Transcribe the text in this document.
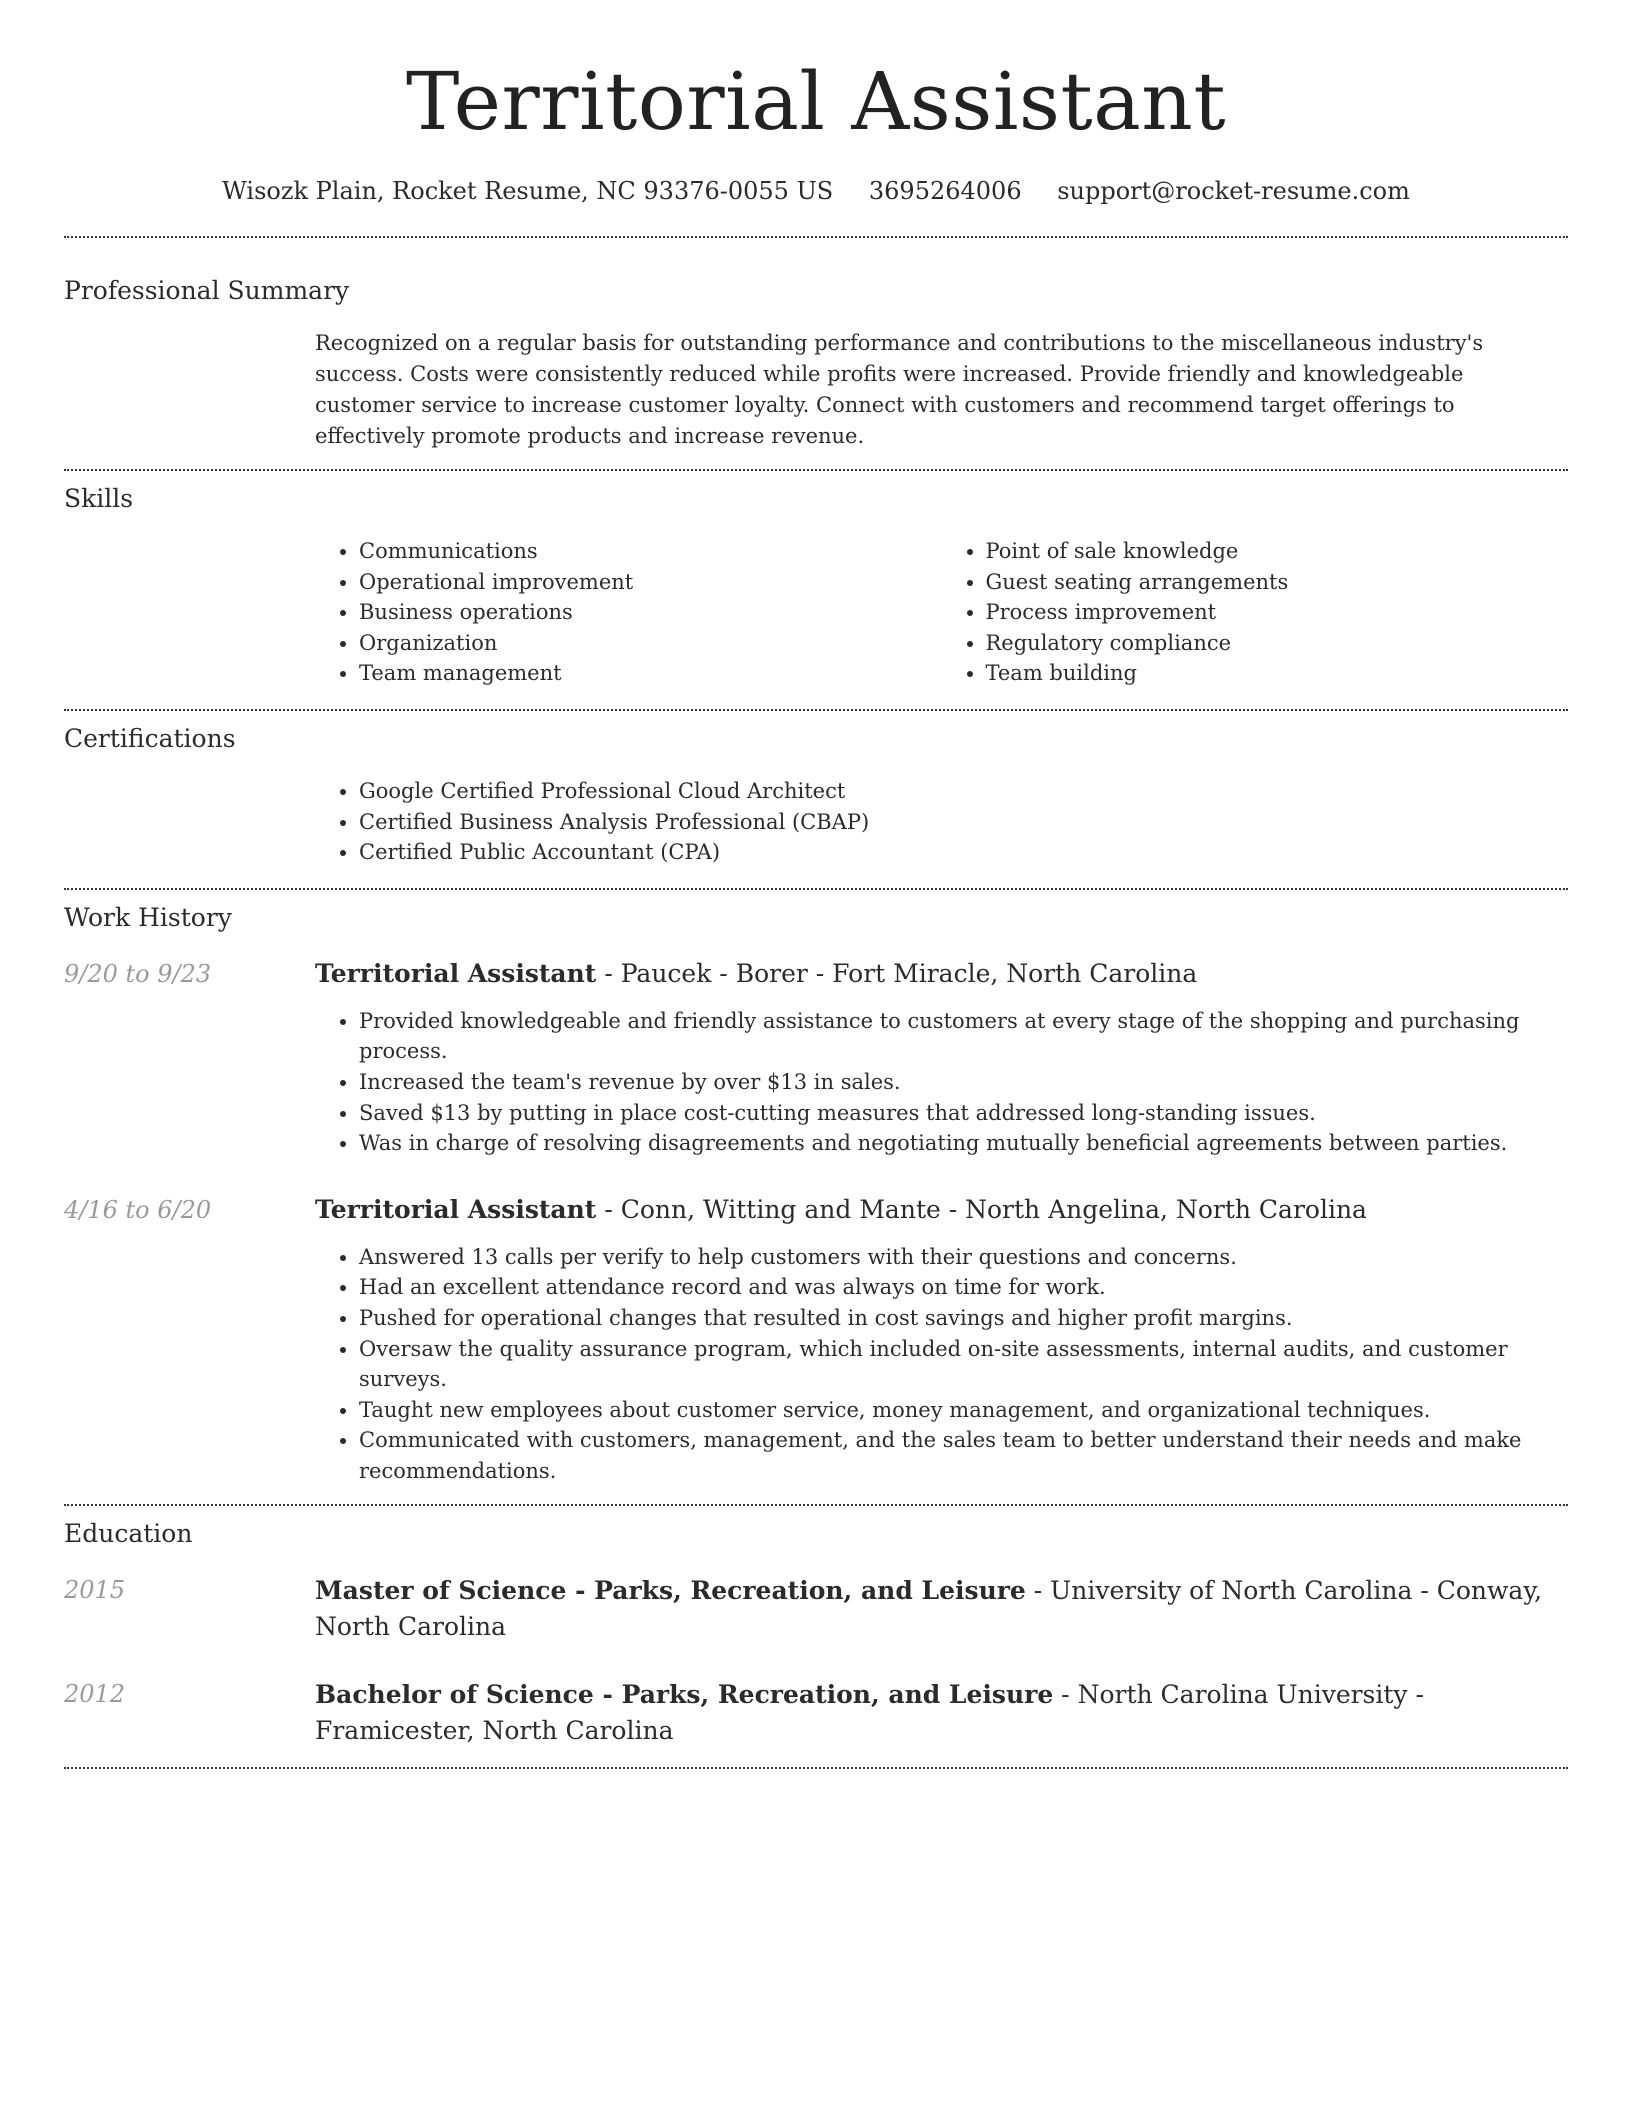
Territorial Assistant
Wisozk Plain, Rocket Resume, NC 93376-0055 US 3695264006 support@rocket-resume.com
Professional Summary

Recognized on a regular basis for outstanding performance and contributions to the miscellaneous industry's success. Costs were consistently reduced while profits were increased. Provide friendly and knowledgeable customer service to increase customer loyalty. Connect with customers and recommend target offerings to effectively promote products and increase revenue.

Skills
• Communications
• Operational improvement
• Business operations
• Organization
• Team management
• Point of sale knowledge
• Guest seating arrangements
• Process improvement
• Regulatory compliance
• Team building
Certifications
• Google Certified Professional Cloud Architect
• Certified Business Analysis Professional (CBAP)
• Certified Public Accountant (CPA)
Work History
9/20 to 9/23	Territorial Assistant - Paucek - Borer - Fort Miracle, North Carolina

• Provided knowledgeable and friendly assistance to customers at every stage of the shopping and purchasing process.
• Increased the team's revenue by over $13 in sales.
• Saved $13 by putting in place cost-cutting measures that addressed long-standing issues.
• Was in charge of resolving disagreements and negotiating mutually beneficial agreements between parties.
4/16 to 6/20	Territorial Assistant - Conn, Witting and Mante - North Angelina, North Carolina

• Answered 13 calls per verify to help customers with their questions and concerns.
• Had an excellent attendance record and was always on time for work.
• Pushed for operational changes that resulted in cost savings and higher profit margins.
• Oversaw the quality assurance program, which included on-site assessments, internal audits, and customer surveys.
• Taught new employees about customer service, money management, and organizational techniques.
• Communicated with customers, management, and the sales team to better understand their needs and make recommendations.
Education
2015	Master of Science - Parks, Recreation, and Leisure - University of North Carolina - Conway, North Carolina

2012	Bachelor of Science - Parks, Recreation, and Leisure - North Carolina University - Framicester, North Carolina
